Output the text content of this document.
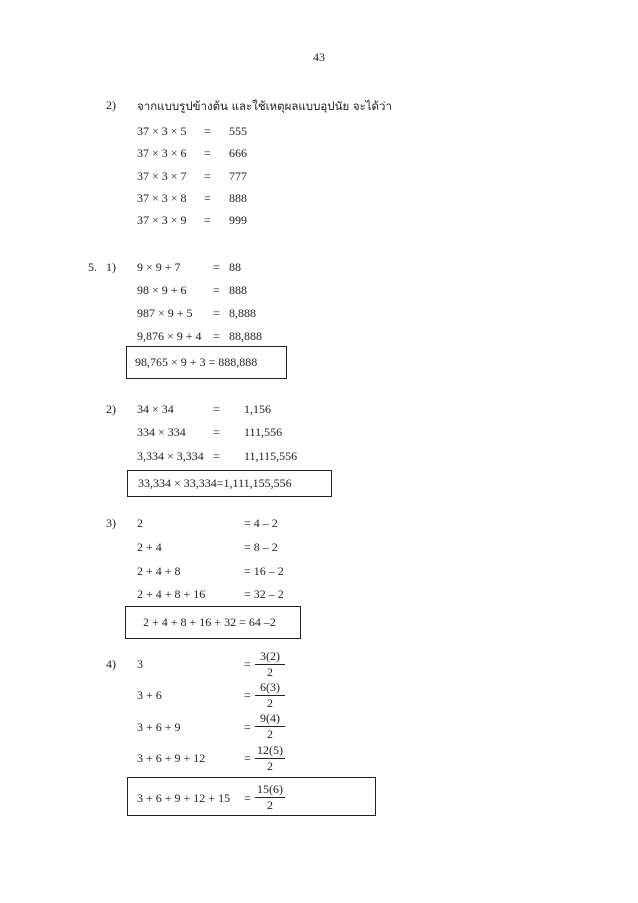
43
2) จากแบบรูปข้างต้น และใช้เหตุผลแบบอุปนัย จะได้ว่า
37 × 3 × 5 = 555
37 × 3 × 6 = 666
37 × 3 × 7 = 777
37 × 3 × 8 = 888
37 × 3 × 9 = 999
5. 1) 9 × 9 + 7	= 88
98 × 9 + 6 = 888
987 × 9 + 5 = 8,888
9,876 × 9 + 4 = 88,888
98,765 × 9 + 3 = 888,888
2) 34 × 34	= 1,156
334 × 334 = 111,556
3,334 × 3,334 = 11,115,556
33,334 × 33,334=1,111,155,556
3) 2	= 4 – 2
2 + 4	= 8 – 2
2 + 4 + 8	= 16 – 2
2 + 4 + 8 + 16	= 32 – 2
2 + 4 + 8 + 16 + 32 = 64 –2
4) 3	= $\frac{3(2)}{2}$
3 + 6	= $\frac{6(3)}{2}$
3 + 6 + 9	= $\frac{9(4)}{2}$
3 + 6 + 9 + 12	= $\frac{12(5)}{2}$
$3 + 6 + 9 + 12 + 15 = \frac{15(6)}{2}$
